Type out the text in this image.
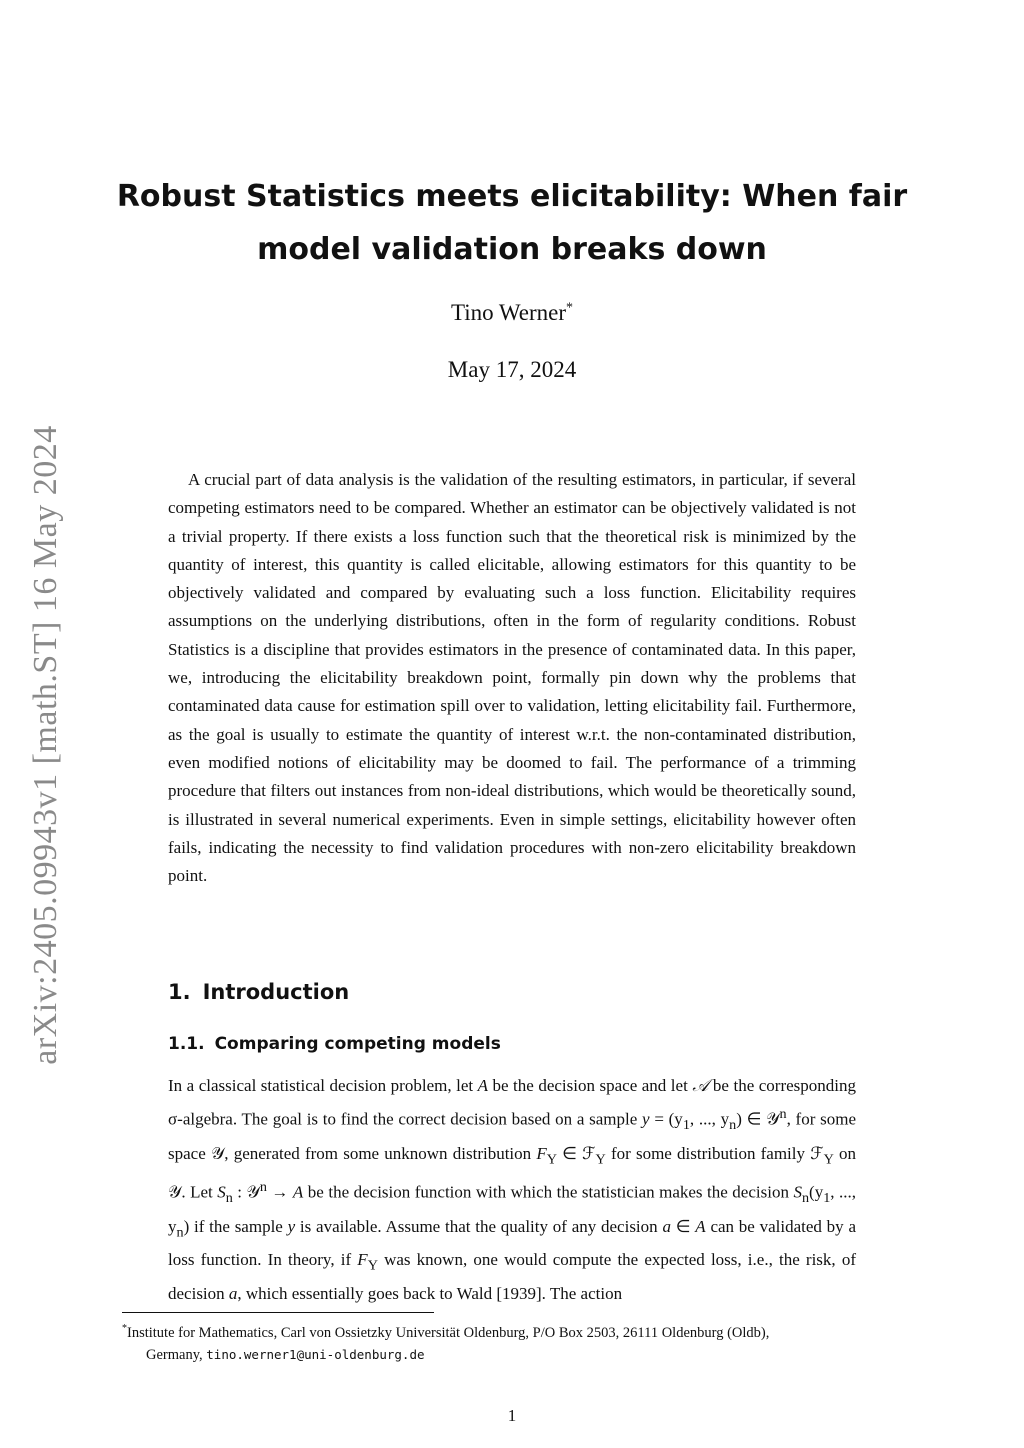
arXiv:2405.09943v1 [math.ST] 16 May 2024
Robust Statistics meets elicitability: When fair model validation breaks down
Tino Werner*
May 17, 2024

A crucial part of data analysis is the validation of the resulting estimators, in particular, if several competing estimators need to be compared. Whether an estimator can be objectively validated is not a trivial property. If there exists a loss function such that the theoretical risk is minimized by the quantity of interest, this quantity is called elicitable, allowing estimators for this quantity to be objectively validated and compared by evaluating such a loss function. Elicitability requires assumptions on the underlying distributions, often in the form of regularity conditions. Robust Statistics is a discipline that provides estimators in the presence of contaminated data. In this paper, we, introducing the elicitability breakdown point, formally pin down why the problems that contaminated data cause for estimation spill over to validation, letting elicitability fail. Furthermore, as the goal is usually to estimate the quantity of interest w.r.t. the non-contaminated distribution, even modified notions of elicitability may be doomed to fail. The performance of a trimming procedure that filters out instances from non-ideal distributions, which would be theoretically sound, is illustrated in several numerical experiments. Even in simple settings, elicitability however often fails, indicating the necessity to find validation procedures with non-zero elicitability breakdown point.

1. Introduction
1.1. Comparing competing models

In a classical statistical decision problem, let A be the decision space and let 𝒜 be the corresponding σ-algebra. The goal is to find the correct decision based on a sample $y = (y_1$, ..., $y_n$) ∈ 𝒴$^n$, for some space 𝒴, generated from some unknown distribution $F_Y$ ∈ ℱ$_Y$ for some distribution family ℱ$_Y$ on 𝒴. Let $S_n$ : 𝒴$^n$ → A be the decision function with which the statistician makes the decision $S_n(y_1$, ..., $y_n$) if the sample y is available. Assume that the quality of any decision a ∈ A can be validated by a loss function. In theory, if $F_Y$ was known, one would compute the expected loss, i.e., the risk, of decision a, which essentially goes back to Wald [1939]. The action

*Institute for Mathematics, Carl von Ossietzky Universität Oldenburg, P/O Box 2503, 26111 Oldenburg (Oldb),
Germany, tino.werner1@uni-oldenburg.de
1
